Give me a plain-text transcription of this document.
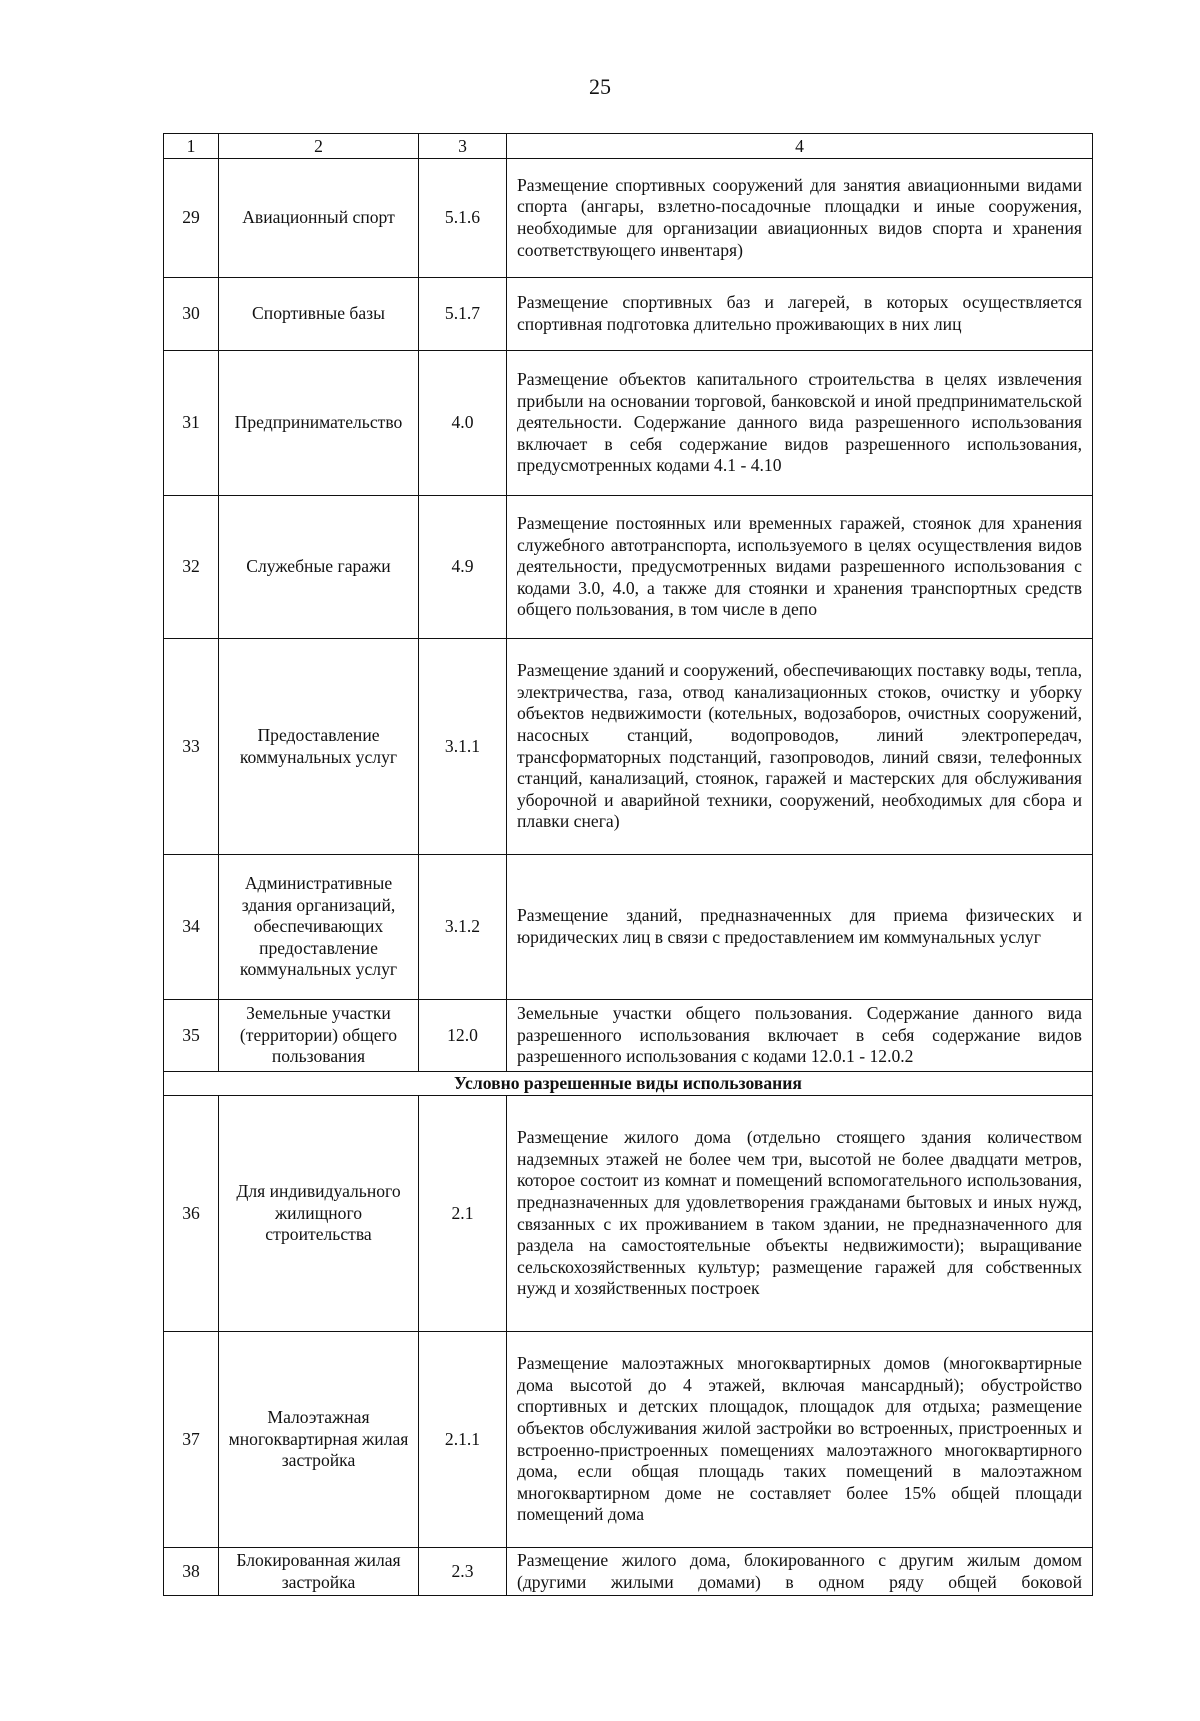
25
1	2	3	4
29	Авиационный спорт	5.1.6	Размещение спортивных сооружений для занятия авиационными видами спорта (ангары, взлетно-посадочные площадки и иные сооружения, необходимые для организации авиационных видов спорта и хранения соответствующего инвентаря)
30	Спортивные базы	5.1.7	Размещение спортивных баз и лагерей, в которых осуществляется спортивная подготовка длительно проживающих в них лиц
31	Предпринимательство	4.0	Размещение объектов капитального строительства в целях извлечения прибыли на основании торговой, банковской и иной предпринимательской деятельности. Содержание данного вида разрешенного использования включает в себя содержание видов разрешенного использования, предусмотренных кодами 4.1 - 4.10
32	Служебные гаражи	4.9	Размещение постоянных или временных гаражей, стоянок для хранения служебного автотранспорта, используемого в целях осуществления видов деятельности, предусмотренных видами разрешенного использования с кодами 3.0, 4.0, а также для стоянки и хранения транспортных средств общего пользования, в том числе в депо
33	Предоставление коммунальных услуг	3.1.1	Размещение зданий и сооружений, обеспечивающих поставку воды, тепла, электричества, газа, отвод канализационных стоков, очистку и уборку объектов недвижимости (котельных, водозаборов, очистных сооружений, насосных станций, водопроводов, линий электропередач, трансформаторных подстанций, газопроводов, линий связи, телефонных станций, канализаций, стоянок, гаражей и мастерских для обслуживания уборочной и аварийной техники, сооружений, необходимых для сбора и плавки снега)
34	Административные здания организаций, обеспечивающих предоставление коммунальных услуг	3.1.2	Размещение зданий, предназначенных для приема физических и юридических лиц в связи с предоставлением им коммунальных услуг
35	Земельные участки (территории) общего пользования	12.0	Земельные участки общего пользования. Содержание данного вида разрешенного использования включает в себя содержание видов разрешенного использования с кодами 12.0.1 - 12.0.2
Условно разрешенные виды использования			
36	Для индивидуального жилищного строительства	2.1	Размещение жилого дома (отдельно стоящего здания количеством надземных этажей не более чем три, высотой не более двадцати метров, которое состоит из комнат и помещений вспомогательного использования, предназначенных для удовлетворения гражданами бытовых и иных нужд, связанных с их проживанием в таком здании, не предназначенного для раздела на самостоятельные объекты недвижимости); выращивание сельскохозяйственных культур; размещение гаражей для собственных нужд и хозяйственных построек
37	Малоэтажная многоквартирная жилая застройка	2.1.1	Размещение малоэтажных многоквартирных домов (многоквартирные дома высотой до 4 этажей, включая мансардный); обустройство спортивных и детских площадок, площадок для отдыха; размещение объектов обслуживания жилой застройки во встроенных, пристроенных и встроенно-пристроенных помещениях малоэтажного многоквартирного дома, если общая площадь таких помещений в малоэтажном многоквартирном доме не составляет более 15% общей площади помещений дома
38	Блокированная жилая застройка	2.3	Размещение жилого дома, блокированного с другим жилым домом (другими жилыми домами) в одном ряду общей боковой
